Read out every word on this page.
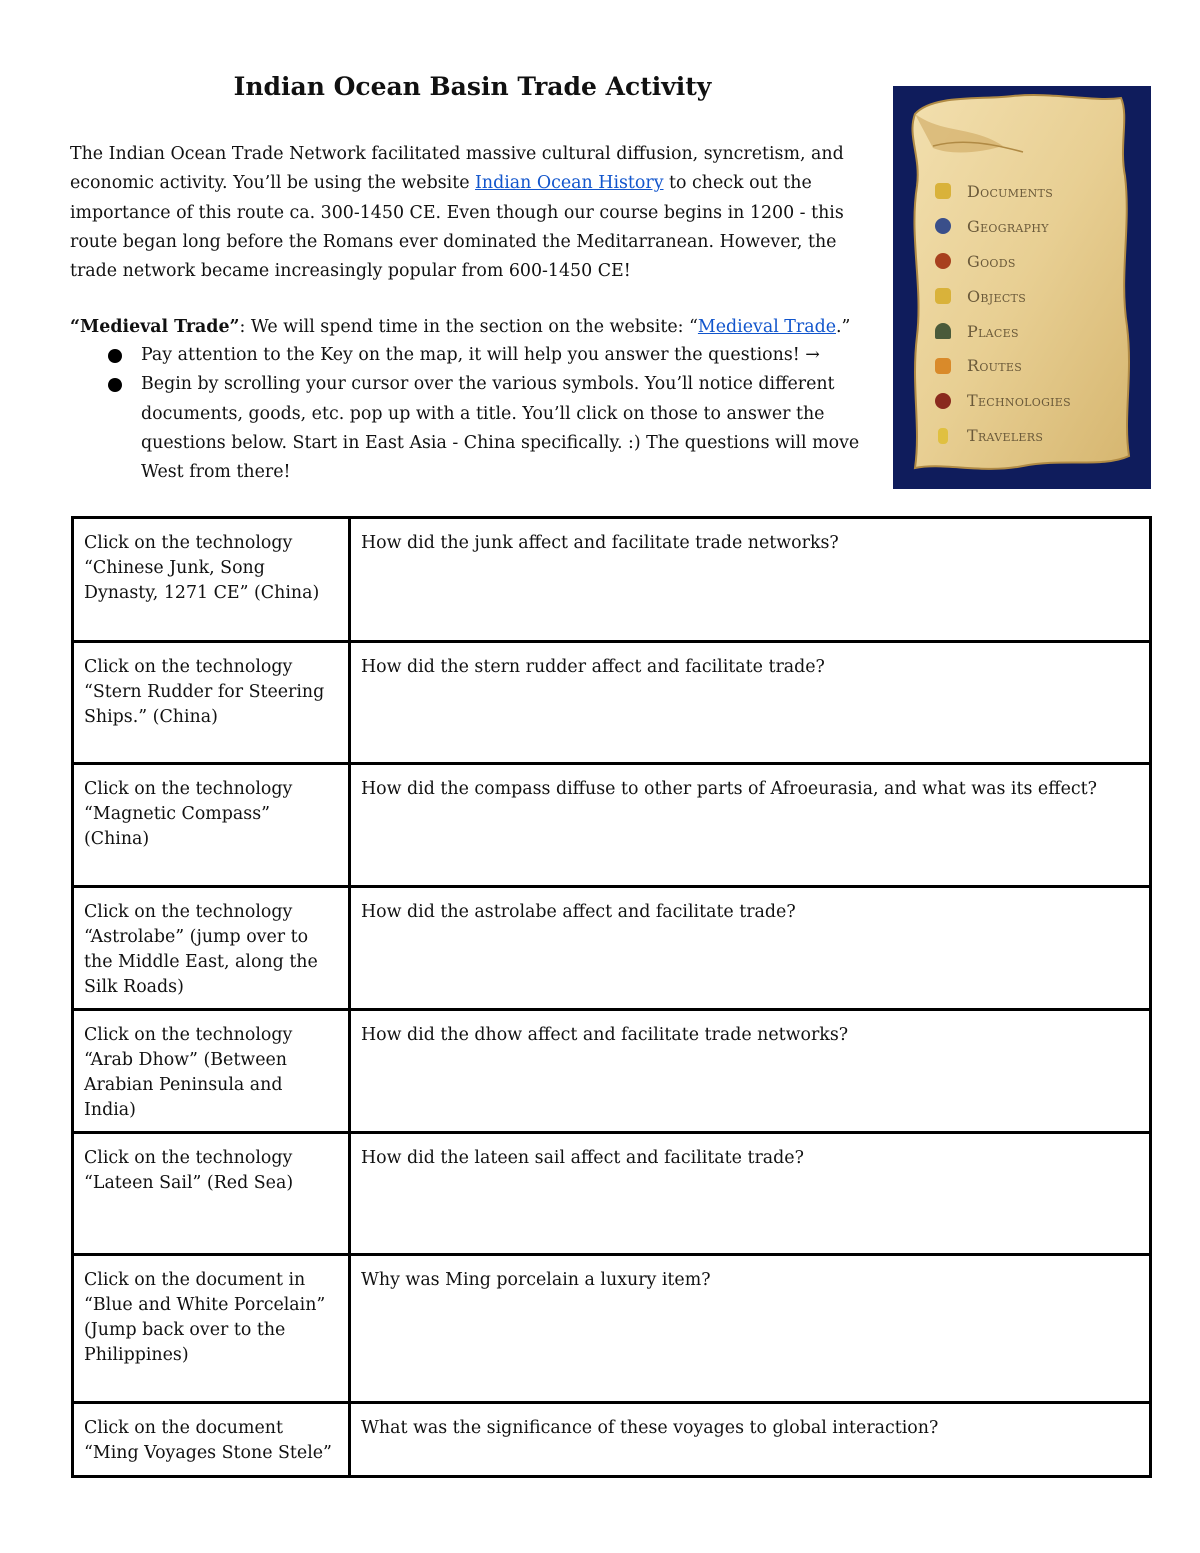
Indian Ocean Basin Trade Activity
The Indian Ocean Trade Network facilitated massive cultural diffusion, syncretism, and economic activity. You’ll be using the website Indian Ocean History to check out the importance of this route ca. 300-1450 CE. Even though our course begins in 1200 - this route began long before the Romans ever dominated the Meditarranean. However, the trade network became increasingly popular from 600-1450 CE!
“Medieval Trade”: We will spend time in the section on the website: “Medieval Trade.”
Pay attention to the Key on the map, it will help you answer the questions! →
Begin by scrolling your cursor over the various symbols. You’ll notice different documents, goods, etc. pop up with a title. You’ll click on those to answer the questions below. Start in East Asia - China specifically. :) The questions will move West from there!
Documents
Geography
Goods
Objects
Places
Routes
Technologies
Travelers
Click on the technology “Chinese Junk, Song Dynasty, 1271 CE” (China)	How did the junk affect and facilitate trade networks?
Click on the technology “Stern Rudder for Steering Ships.” (China)	How did the stern rudder affect and facilitate trade?
Click on the technology “Magnetic Compass” (China)	How did the compass diffuse to other parts of Afroeurasia, and what was its effect?
Click on the technology “Astrolabe” (jump over to the Middle East, along the Silk Roads)	How did the astrolabe affect and facilitate trade?
Click on the technology “Arab Dhow” (Between Arabian Peninsula and India)	How did the dhow affect and facilitate trade networks?
Click on the technology “Lateen Sail” (Red Sea)	How did the lateen sail affect and facilitate trade?
Click on the document in “Blue and White Porcelain” (Jump back over to the Philippines)	Why was Ming porcelain a luxury item?
Click on the document “Ming Voyages Stone Stele”	What was the significance of these voyages to global interaction?
